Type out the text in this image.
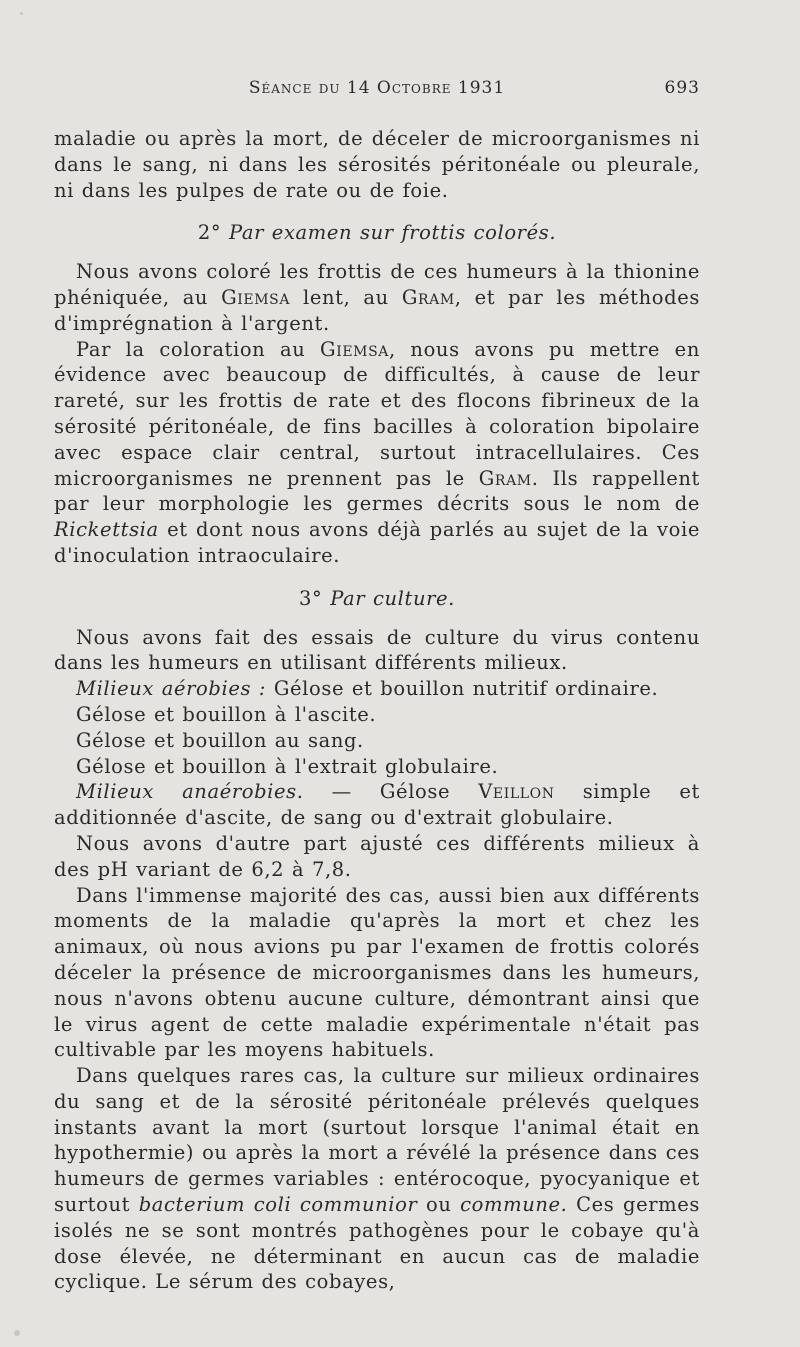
Séance du 14 Octobre 1931	693

maladie ou après la mort, de déceler de microorganismes ni dans le sang, ni dans les sérosités péritonéale ou pleurale, ni dans les pulpes de rate ou de foie.

2° Par examen sur frottis colorés.

Nous avons coloré les frottis de ces humeurs à la thionine phéniquée, au Giemsa lent, au Gram, et par les méthodes d'imprégnation à l'argent.

Par la coloration au Giemsa, nous avons pu mettre en évidence avec beaucoup de difficultés, à cause de leur rareté, sur les frottis de rate et des flocons fibrineux de la sérosité péritonéale, de fins bacilles à coloration bipolaire avec espace clair central, surtout intracellulaires. Ces microorganismes ne prennent pas le Gram. Ils rappellent par leur morphologie les germes décrits sous le nom de Rickettsia et dont nous avons déjà parlés au sujet de la voie d'inoculation intraoculaire.

3° Par culture.

Nous avons fait des essais de culture du virus contenu dans les humeurs en utilisant différents milieux.

Milieux aérobies : Gélose et bouillon nutritif ordinaire.

Gélose et bouillon à l'ascite.

Gélose et bouillon au sang.

Gélose et bouillon à l'extrait globulaire.

Milieux anaérobies. — Gélose Veillon simple et additionnée d'ascite, de sang ou d'extrait globulaire.

Nous avons d'autre part ajusté ces différents milieux à des pH variant de 6,2 à 7,8.

Dans l'immense majorité des cas, aussi bien aux différents moments de la maladie qu'après la mort et chez les animaux, où nous avions pu par l'examen de frottis colorés déceler la présence de microorganismes dans les humeurs, nous n'avons obtenu aucune culture, démontrant ainsi que le virus agent de cette maladie expérimentale n'était pas cultivable par les moyens habituels.

Dans quelques rares cas, la culture sur milieux ordinaires du sang et de la sérosité péritonéale prélevés quelques instants avant la mort (surtout lorsque l'animal était en hypothermie) ou après la mort a révélé la présence dans ces humeurs de germes variables : entérocoque, pyocyanique et surtout bacterium coli communior ou commune. Ces germes isolés ne se sont montrés pathogènes pour le cobaye qu'à dose élevée, ne déterminant en aucun cas de maladie cyclique. Le sérum des cobayes,
